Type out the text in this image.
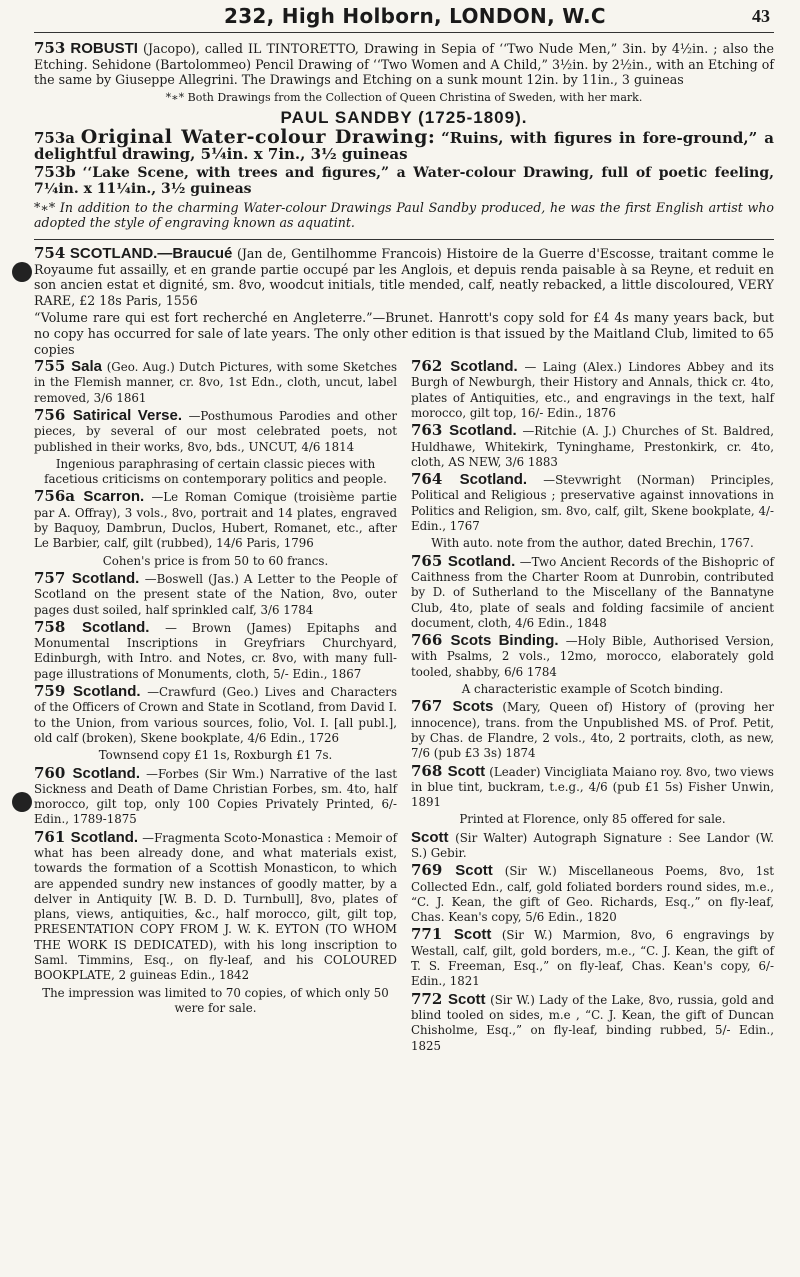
232, High Holborn, LONDON, W.C	43

753 ROBUSTI (Jacopo), called IL TINTORETTO, Drawing in Sepia of ‘‘Two Nude Men,” 3in. by 4½in. ; also the Etching. Sehidone (Bartolommeo) Pencil Drawing of ‘‘Two Women and A Child,” 3½in. by 2½in., with an Etching of the same by Giuseppe Allegrini. The Drawings and Etching on a sunk mount 12in. by 11in., 3 guineas

*∗* Both Drawings from the Collection of Queen Christina of Sweden, with her mark.

PAUL SANDBY (1725-1809).

753a Original Water-colour Drawing: “Ruins, with figures in fore-ground,” a delightful drawing, 5¼in. x 7in., 3½ guineas

753b ‘‘Lake Scene, with trees and figures,” a Water-colour Drawing, full of poetic feeling, 7¼in. x 11¼in., 3½ guineas

*∗* In addition to the charming Water-colour Drawings Paul Sandby produced, he was the first English artist who adopted the style of engraving known as aquatint.

754 SCOTLAND.—Braucué (Jan de, Gentilhomme Francois) Histoire de la Guerre d'Escosse, traitant comme le Royaume fut assailly, et en grande partie occupé par les Anglois, et depuis renda paisable à sa Reyne, et reduit en son ancien estat et dignité, sm. 8vo, woodcut initials, title mended, calf, neatly rebacked, a little discoloured, VERY RARE, £2 18s Paris, 1556

“Volume rare qui est fort recherché en Angleterre.”—Brunet. Hanrott's copy sold for £4 4s many years back, but no copy has occurred for sale of late years. The only other edition is that issued by the Maitland Club, limited to 65 copies

755 Sala (Geo. Aug.) Dutch Pictures, with some Sketches in the Flemish manner, cr. 8vo, 1st Edn., cloth, uncut, label removed, 3/6 1861

756 Satirical Verse. —Posthumous Parodies and other pieces, by several of our most celebrated poets, not published in their works, 8vo, bds., UNCUT, 4/6 1814

Ingenious paraphrasing of certain classic pieces with facetious criticisms on contemporary politics and people.

756a Scarron. —Le Roman Comique (troisième partie par A. Offray), 3 vols., 8vo, portrait and 14 plates, engraved by Baquoy, Dambrun, Duclos, Hubert, Romanet, etc., after Le Barbier, calf, gilt (rubbed), 14/6 Paris, 1796

Cohen's price is from 50 to 60 francs.

757 Scotland. —Boswell (Jas.) A Letter to the People of Scotland on the present state of the Nation, 8vo, outer pages dust soiled, half sprinkled calf, 3/6 1784

758 Scotland. — Brown (James) Epitaphs and Monumental Inscriptions in Greyfriars Churchyard, Edinburgh, with Intro. and Notes, cr. 8vo, with many full-page illustrations of Monuments, cloth, 5/- Edin., 1867

759 Scotland. —Crawfurd (Geo.) Lives and Characters of the Officers of Crown and State in Scotland, from David I. to the Union, from various sources, folio, Vol. I. [all publ.], old calf (broken), Skene bookplate, 4/6 Edin., 1726

Townsend copy £1 1s, Roxburgh £1 7s.

760 Scotland. —Forbes (Sir Wm.) Narrative of the last Sickness and Death of Dame Christian Forbes, sm. 4to, half morocco, gilt top, only 100 Copies Privately Printed, 6/- Edin., 1789-1875

761 Scotland. —Fragmenta Scoto-Monastica : Memoir of what has been already done, and what materials exist, towards the formation of a Scottish Monasticon, to which are appended sundry new instances of goodly matter, by a delver in Antiquity [W. B. D. D. Turnbull], 8vo, plates of plans, views, antiquities, &c., half morocco, gilt, gilt top, PRESENTATION COPY FROM J. W. K. EYTON (TO WHOM THE WORK IS DEDICATED), with his long inscription to Saml. Timmins, Esq., on fly-leaf, and his COLOURED BOOKPLATE, 2 guineas Edin., 1842

The impression was limited to 70 copies, of which only 50 were for sale.

762 Scotland. — Laing (Alex.) Lindores Abbey and its Burgh of Newburgh, their History and Annals, thick cr. 4to, plates of Antiquities, etc., and engravings in the text, half morocco, gilt top, 16/- Edin., 1876

763 Scotland. —Ritchie (A. J.) Churches of St. Baldred, Huldhawe, Whitekirk, Tyninghame, Prestonkirk, cr. 4to, cloth, AS NEW, 3/6 1883

764 Scotland. —Stevwright (Norman) Principles, Political and Religious ; preservative against innovations in Politics and Religion, sm. 8vo, calf, gilt, Skene bookplate, 4/- Edin., 1767

With auto. note from the author, dated Brechin, 1767.

765 Scotland. —Two Ancient Records of the Bishopric of Caithness from the Charter Room at Dunrobin, contributed by D. of Sutherland to the Miscellany of the Bannatyne Club, 4to, plate of seals and folding facsimile of ancient document, cloth, 4/6 Edin., 1848

766 Scots Binding. —Holy Bible, Authorised Version, with Psalms, 2 vols., 12mo, morocco, elaborately gold tooled, shabby, 6/6 1784

A characteristic example of Scotch binding.

767 Scots (Mary, Queen of) History of (proving her innocence), trans. from the Unpublished MS. of Prof. Petit, by Chas. de Flandre, 2 vols., 4to, 2 portraits, cloth, as new, 7/6 (pub £3 3s) 1874

768 Scott (Leader) Vincigliata Maiano roy. 8vo, two views in blue tint, buckram, t.e.g., 4/6 (pub £1 5s) Fisher Unwin, 1891

Printed at Florence, only 85 offered for sale.

Scott (Sir Walter) Autograph Signature : See Landor (W. S.) Gebir.

769 Scott (Sir W.) Miscellaneous Poems, 8vo, 1st Collected Edn., calf, gold foliated borders round sides, m.e., “C. J. Kean, the gift of Geo. Richards, Esq.,” on fly-leaf, Chas. Kean's copy, 5/6 Edin., 1820

771 Scott (Sir W.) Marmion, 8vo, 6 engravings by Westall, calf, gilt, gold borders, m.e., “C. J. Kean, the gift of T. S. Freeman, Esq.,” on fly-leaf, Chas. Kean's copy, 6/- Edin., 1821

772 Scott (Sir W.) Lady of the Lake, 8vo, russia, gold and blind tooled on sides, m.e , “C. J. Kean, the gift of Duncan Chisholme, Esq.,” on fly-leaf, binding rubbed, 5/- Edin., 1825
